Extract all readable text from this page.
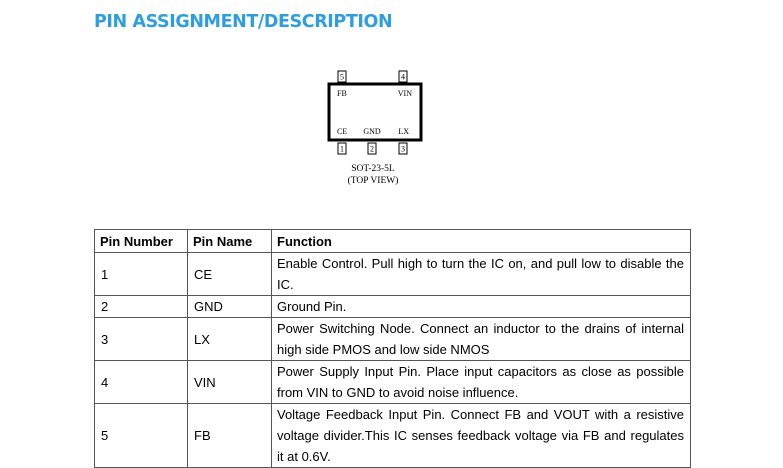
PIN ASSIGNMENT/DESCRIPTION
5
FB
4
VIN
1
CE
2
GND
3
LX
SOT-23-5L
(TOP VIEW)
Pin Number	Pin Name	Function
1	CE	Enable Control. Pull high to turn the IC on, and pull low to disable the IC.
2	GND	Ground Pin.
3	LX	Power Switching Node. Connect an inductor to the drains of internal high side PMOS and low side NMOS
4	VIN	Power Supply Input Pin. Place input capacitors as close as possible from VIN to GND to avoid noise influence.
5	FB	Voltage Feedback Input Pin. Connect FB and VOUT with a resistive voltage divider.This IC senses feedback voltage via FB and regulates it at 0.6V.
